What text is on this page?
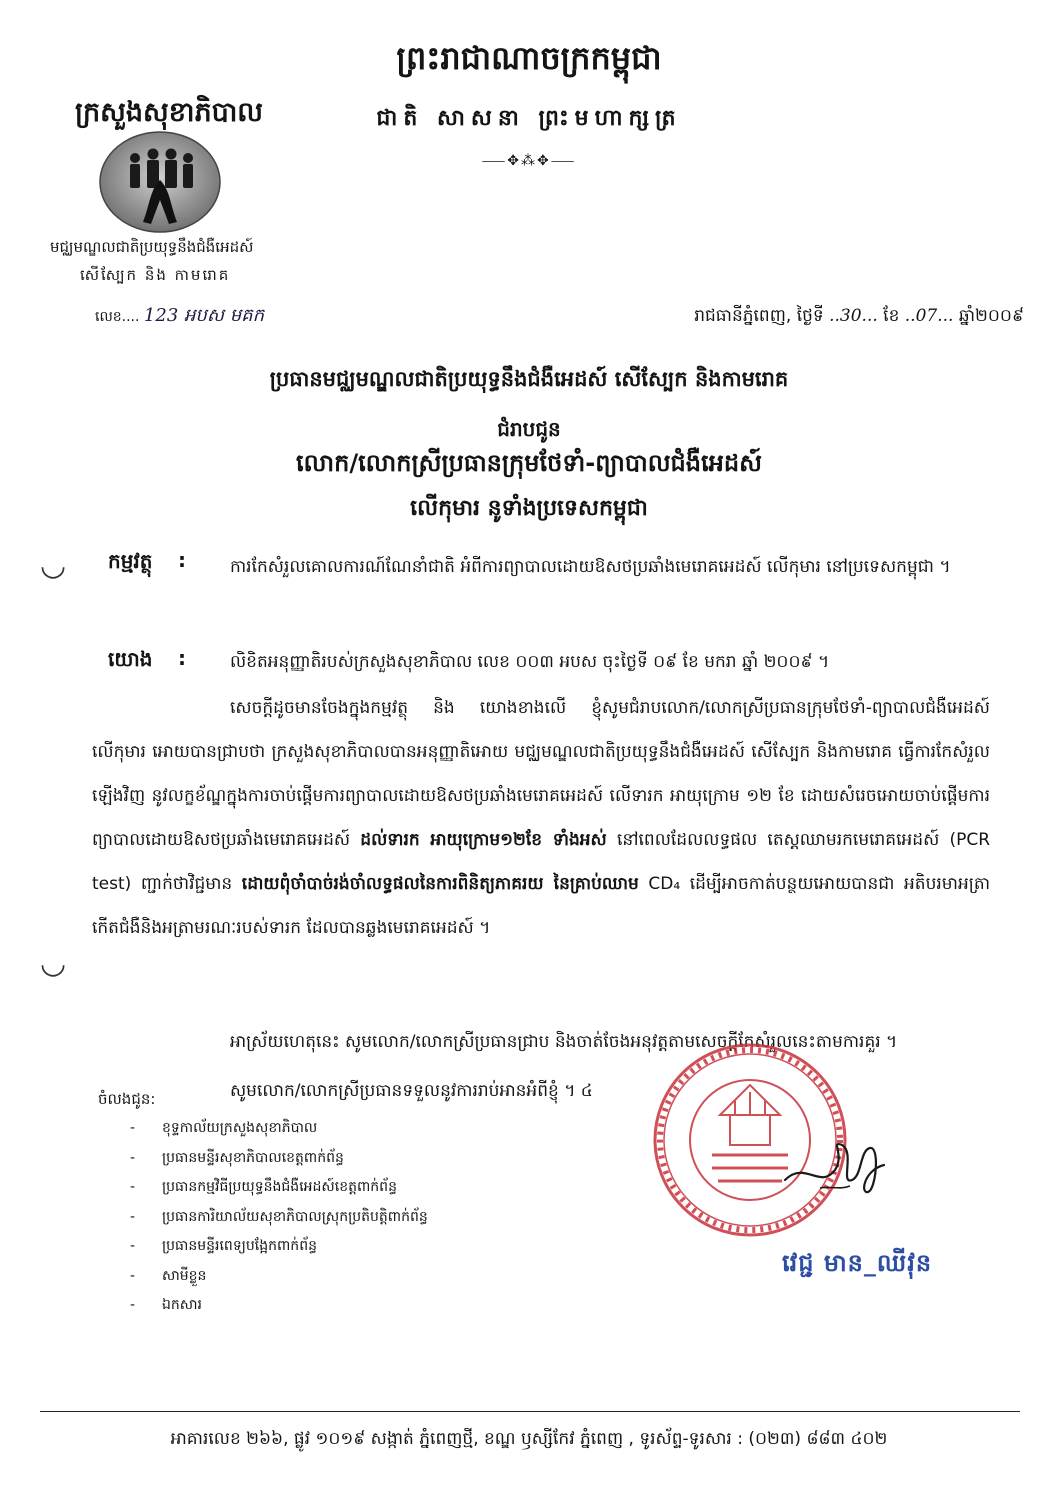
ព្រះរាជាណាចក្រកម្ពុជា
ជាតិ សាសនា ព្រះមហាក្សត្រ
⸺✥⁂✥⸺
ក្រសួងសុខាភិបាល
មជ្ឈមណ្ឌលជាតិប្រយុទ្ធនឹងជំងឺអេដស៍
សើស្បែក និង កាមរោគ
លេខ.... 123 អបស មគក	រាជធានីភ្នំពេញ, ថ្ងៃទី ..30... ខែ ..07... ឆ្នាំ២០០៩
ប្រធានមជ្ឈមណ្ឌលជាតិប្រយុទ្ធនឹងជំងឺអេដស៍ សើស្បែក និងកាមរោគ
ជំរាបជូន
លោក/លោកស្រីប្រធានក្រុមថែទាំ-ព្យាបាលជំងឺអេដស៍
លើកុមារ នូទាំងប្រទេសកម្ពុជា
◡ កម្មវត្ថុ :	ការកែសំរួលគោលការណ៍ណែនាំជាតិ អំពីការព្យាបាលដោយឱសថប្រឆាំងមេរោគអេដស៍ លើកុមារ នៅប្រទេសកម្ពុជា ។
យោង :	លិខិតអនុញ្ញាតិរបស់ក្រសួងសុខាភិបាល លេខ ០០៣ អបស ចុះថ្ងៃទី ០៩ ខែ មករា ឆ្នាំ ២០០៩ ។
សេចក្ដីដូចមានចែងក្នុងកម្មវត្ថុ និង យោងខាងលើ ខ្ញុំសូមជំរាបលោក/លោកស្រីប្រធានក្រុមថែទាំ-ព្យាបាលជំងឺអេដស៍ លើកុមារ អោយបានជ្រាបថា ក្រសួងសុខាភិបាលបានអនុញ្ញាតិអោយ មជ្ឈមណ្ឌលជាតិប្រយុទ្ធនឹងជំងឺអេដស៍ សើស្បែក និងកាមរោគ ធ្វើការកែសំរួលឡើងវិញ នូវលក្ខខ័ណ្ឌក្នុងការចាប់ផ្ដើមការព្យាបាលដោយឱសថប្រឆាំងមេរោគអេដស៍ លើទារក អាយុក្រោម ១២ ខែ ដោយសំរេចអោយចាប់ផ្ដើមការព្យាបាលដោយឱសថប្រឆាំងមេរោគអេដស៍ ដល់ទារក អាយុក្រោម១២ខែ ទាំងអស់ នៅពេលដែលលទ្ធផល តេស្ដឈាមរកមេរោគអេដស៍ (PCR test) ញ្ជាក់ថាវិជ្ជមាន ដោយពុំចាំបាច់រង់ចាំលទ្ធផលនៃការពិនិត្យភាគរយ នៃគ្រាប់ឈាម CD₄ ដើម្បីអាចកាត់បន្ថយអោយបានជា អតិបរមាអត្រាកើតជំងឺនិងអត្រាមរណៈរបស់ទារក ដែលបានឆ្លងមេរោគអេដស៍ ។
◡
អាស្រ័យហេតុនេះ សូមលោក/លោកស្រីប្រធានជ្រាប និងចាត់ចែងអនុវត្តតាមសេចក្ដីកែសំរួលនេះតាមការគួរ ។
សូមលោក/លោកស្រីប្រធានទទួលនូវការរាប់អានអំពីខ្ញុំ ។ ៤
ចំលងជូន:
- ខុទ្ទកាល័យក្រសួងសុខាភិបាល
- ប្រធានមន្ទីរសុខាភិបាលខេត្តពាក់ព័ន្ធ
- ប្រធានកម្មវិធីប្រយុទ្ធនឹងជំងឺអេដស៍ខេត្តពាក់ព័ន្ធ
- ប្រធានការិយាល័យសុខាភិបាលស្រុកប្រតិបត្តិពាក់ព័ន្ធ
- ប្រធានមន្ទីរពេទ្យបង្អែកពាក់ព័ន្ធ
- សាមីខ្លួន
- ឯកសារ
វេជ្ជ មាន_ឈីវុន
អាគារលេខ ២៦៦, ផ្លូវ ១០១៩ សង្កាត់ ភ្នំពេញថ្មី, ខណ្ឌ ឫស្សីកែវ ភ្នំពេញ , ទូរស័ព្ទ-ទូរសារ : (០២៣) ៨៨៣ ៤០២
